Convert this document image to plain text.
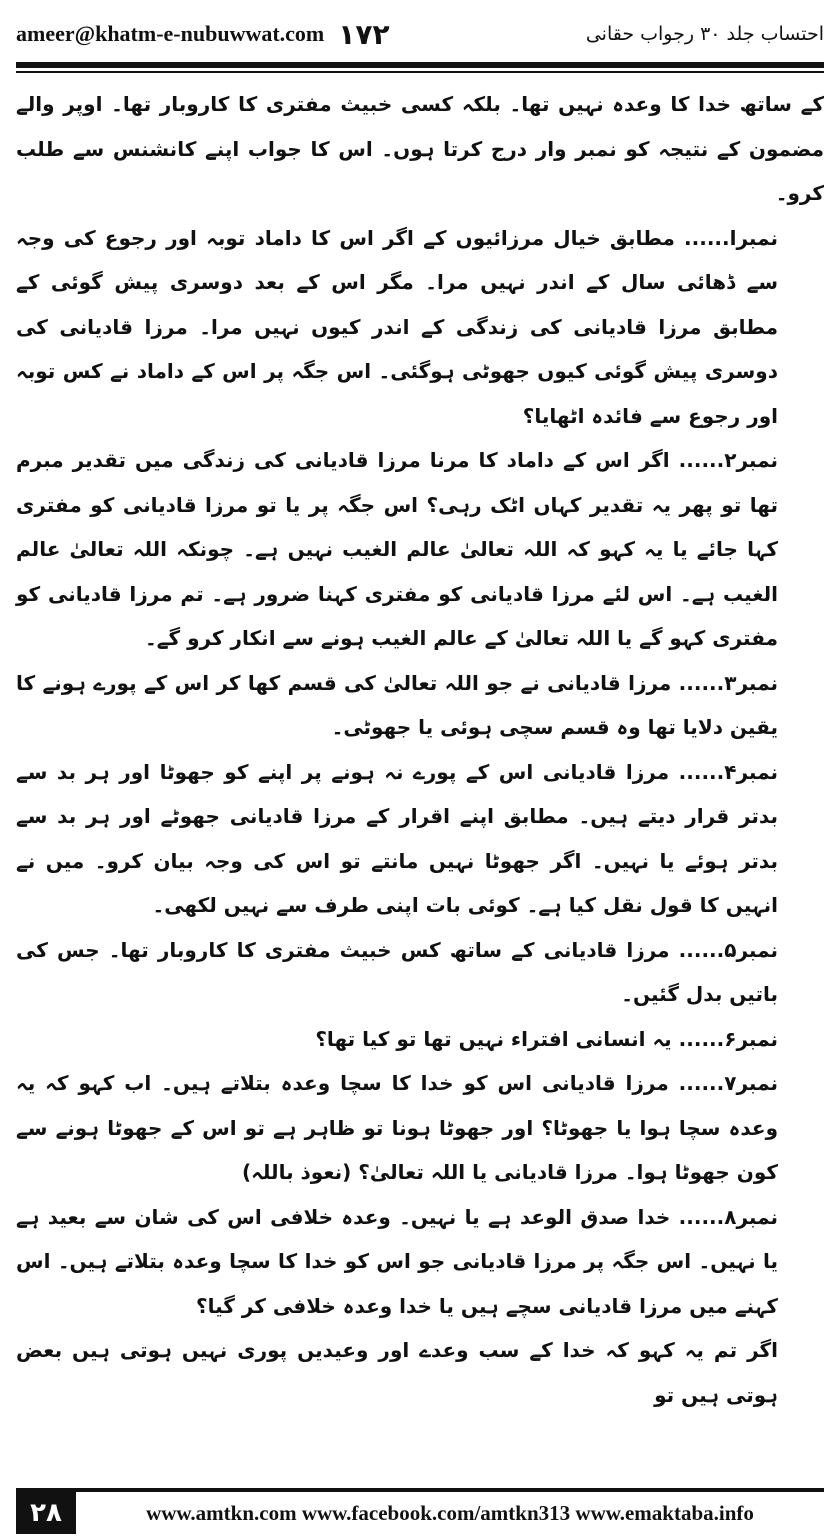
ameer@khatm-e-nubuwwat.com ۱۷۲	احتساب جلد ۳۰ رجواب حقانی

کے ساتھ خدا کا وعدہ نہیں تھا۔ بلکہ کسی خبیث مفتری کا کاروبار تھا۔ اوپر والے مضمون کے نتیجہ کو نمبر وار درج کرتا ہوں۔ اس کا جواب اپنے کانشنس سے طلب کرو۔

نمبرا...... مطابق خیال مرزائیوں کے اگر اس کا داماد توبہ اور رجوع کی وجہ سے ڈھائی سال کے اندر نہیں مرا۔ مگر اس کے بعد دوسری پیش گوئی کے مطابق مرزا قادیانی کی زندگی کے اندر کیوں نہیں مرا۔ مرزا قادیانی کی دوسری پیش گوئی کیوں جھوٹی ہوگئی۔ اس جگہ پر اس کے داماد نے کس توبہ اور رجوع سے فائدہ اٹھایا؟

نمبر۲...... اگر اس کے داماد کا مرنا مرزا قادیانی کی زندگی میں تقدیر مبرم تھا تو پھر یہ تقدیر کہاں اٹک رہی؟ اس جگہ پر یا تو مرزا قادیانی کو مفتری کہا جائے یا یہ کہو کہ اللہ تعالیٰ عالم الغیب نہیں ہے۔ چونکہ اللہ تعالیٰ عالم الغیب ہے۔ اس لئے مرزا قادیانی کو مفتری کہنا ضرور ہے۔ تم مرزا قادیانی کو مفتری کہو گے یا اللہ تعالیٰ کے عالم الغیب ہونے سے انکار کرو گے۔

نمبر۳...... مرزا قادیانی نے جو اللہ تعالیٰ کی قسم کھا کر اس کے پورے ہونے کا یقین دلایا تھا وہ قسم سچی ہوئی یا جھوٹی۔

نمبر۴...... مرزا قادیانی اس کے پورے نہ ہونے پر اپنے کو جھوٹا اور ہر بد سے بدتر قرار دیتے ہیں۔ مطابق اپنے اقرار کے مرزا قادیانی جھوٹے اور ہر بد سے بدتر ہوئے یا نہیں۔ اگر جھوٹا نہیں مانتے تو اس کی وجہ بیان کرو۔ میں نے انہیں کا قول نقل کیا ہے۔ کوئی بات اپنی طرف سے نہیں لکھی۔

نمبر۵...... مرزا قادیانی کے ساتھ کس خبیث مفتری کا کاروبار تھا۔ جس کی باتیں بدل گئیں۔

نمبر۶...... یہ انسانی افتراء نہیں تھا تو کیا تھا؟

نمبر۷...... مرزا قادیانی اس کو خدا کا سچا وعدہ بتلاتے ہیں۔ اب کہو کہ یہ وعدہ سچا ہوا یا جھوٹا؟ اور جھوٹا ہونا تو ظاہر ہے تو اس کے جھوٹا ہونے سے کون جھوٹا ہوا۔ مرزا قادیانی یا اللہ تعالیٰ؟ (نعوذ باللہ)

نمبر۸...... خدا صدق الوعد ہے یا نہیں۔ وعدہ خلافی اس کی شان سے بعید ہے یا نہیں۔ اس جگہ پر مرزا قادیانی جو اس کو خدا کا سچا وعدہ بتلاتے ہیں۔ اس کہنے میں مرزا قادیانی سچے ہیں یا خدا وعدہ خلافی کر گیا؟

اگر تم یہ کہو کہ خدا کے سب وعدے اور وعیدیں پوری نہیں ہوتی ہیں بعض ہوتی ہیں تو

۲۸	www.amtkn.com www.facebook.com/amtkn313 www.emaktaba.info
